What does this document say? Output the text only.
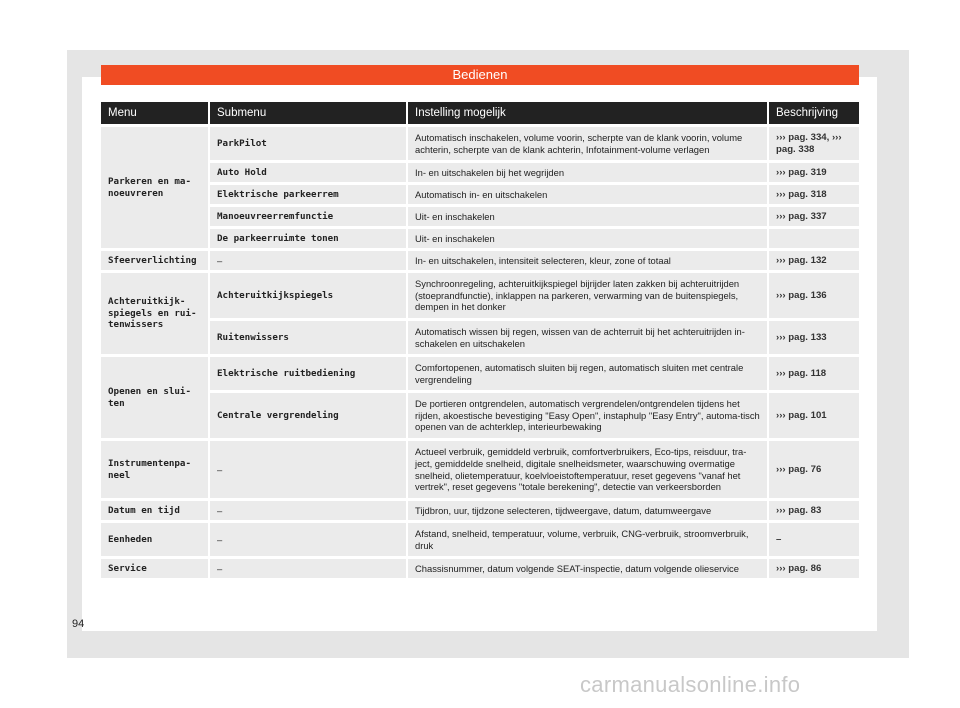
Bedienen
Menu	Submenu	Instelling mogelijk	Beschrijving
Parkeren en ma-noeuvreren	ParkPilot	Automatisch inschakelen, volume voorin, scherpte van de klank voorin, volume achterin, scherpte van de klank achterin, Infotainment-volume verlagen	››› pag. 334, ››› pag. 338
	Auto Hold	In- en uitschakelen bij het wegrijden	››› pag. 319
	Elektrische parkeerrem	Automatisch in- en uitschakelen	››› pag. 318
	Manoeuvreerremfunctie	Uit- en inschakelen	››› pag. 337
	De parkeerruimte tonen	Uit- en inschakelen	
Sfeerverlichting	–	In- en uitschakelen, intensiteit selecteren, kleur, zone of totaal	››› pag. 132
Achteruitkijk-spiegels en rui-tenwissers	Achteruitkijkspiegels	Synchroonregeling, achteruitkijkspiegel bijrijder laten zakken bij achteruitrijden (stoeprandfunctie), inklappen na parkeren, verwarming van de buitenspiegels, dempen in het donker	››› pag. 136
	Ruitenwissers	Automatisch wissen bij regen, wissen van de achterruit bij het achteruitrijden in-schakelen en uitschakelen	››› pag. 133
Openen en slui-ten	Elektrische ruitbediening	Comfortopenen, automatisch sluiten bij regen, automatisch sluiten met centrale vergrendeling	››› pag. 118
	Centrale vergrendeling	De portieren ontgrendelen, automatisch vergrendelen/ontgrendelen tijdens het rijden, akoestische bevestiging "Easy Open", instaphulp "Easy Entry", automa-tisch openen van de achterklep, interieurbewaking	››› pag. 101
Instrumentenpa-neel	–	Actueel verbruik, gemiddeld verbruik, comfortverbruikers, Eco-tips, reisduur, tra-ject, gemiddelde snelheid, digitale snelheidsmeter, waarschuwing overmatige snelheid, olietemperatuur, koelvloeistoftemperatuur, reset gegevens "vanaf het vertrek", reset gegevens "totale berekening", detectie van verkeersborden	››› pag. 76
Datum en tijd	–	Tijdbron, uur, tijdzone selecteren, tijdweergave, datum, datumweergave	››› pag. 83
Eenheden	–	Afstand, snelheid, temperatuur, volume, verbruik, CNG-verbruik, stroomverbruik, druk	–
Service	–	Chassisnummer, datum volgende SEAT-inspectie, datum volgende olieservice	››› pag. 86
94
carmanualsonline.info
